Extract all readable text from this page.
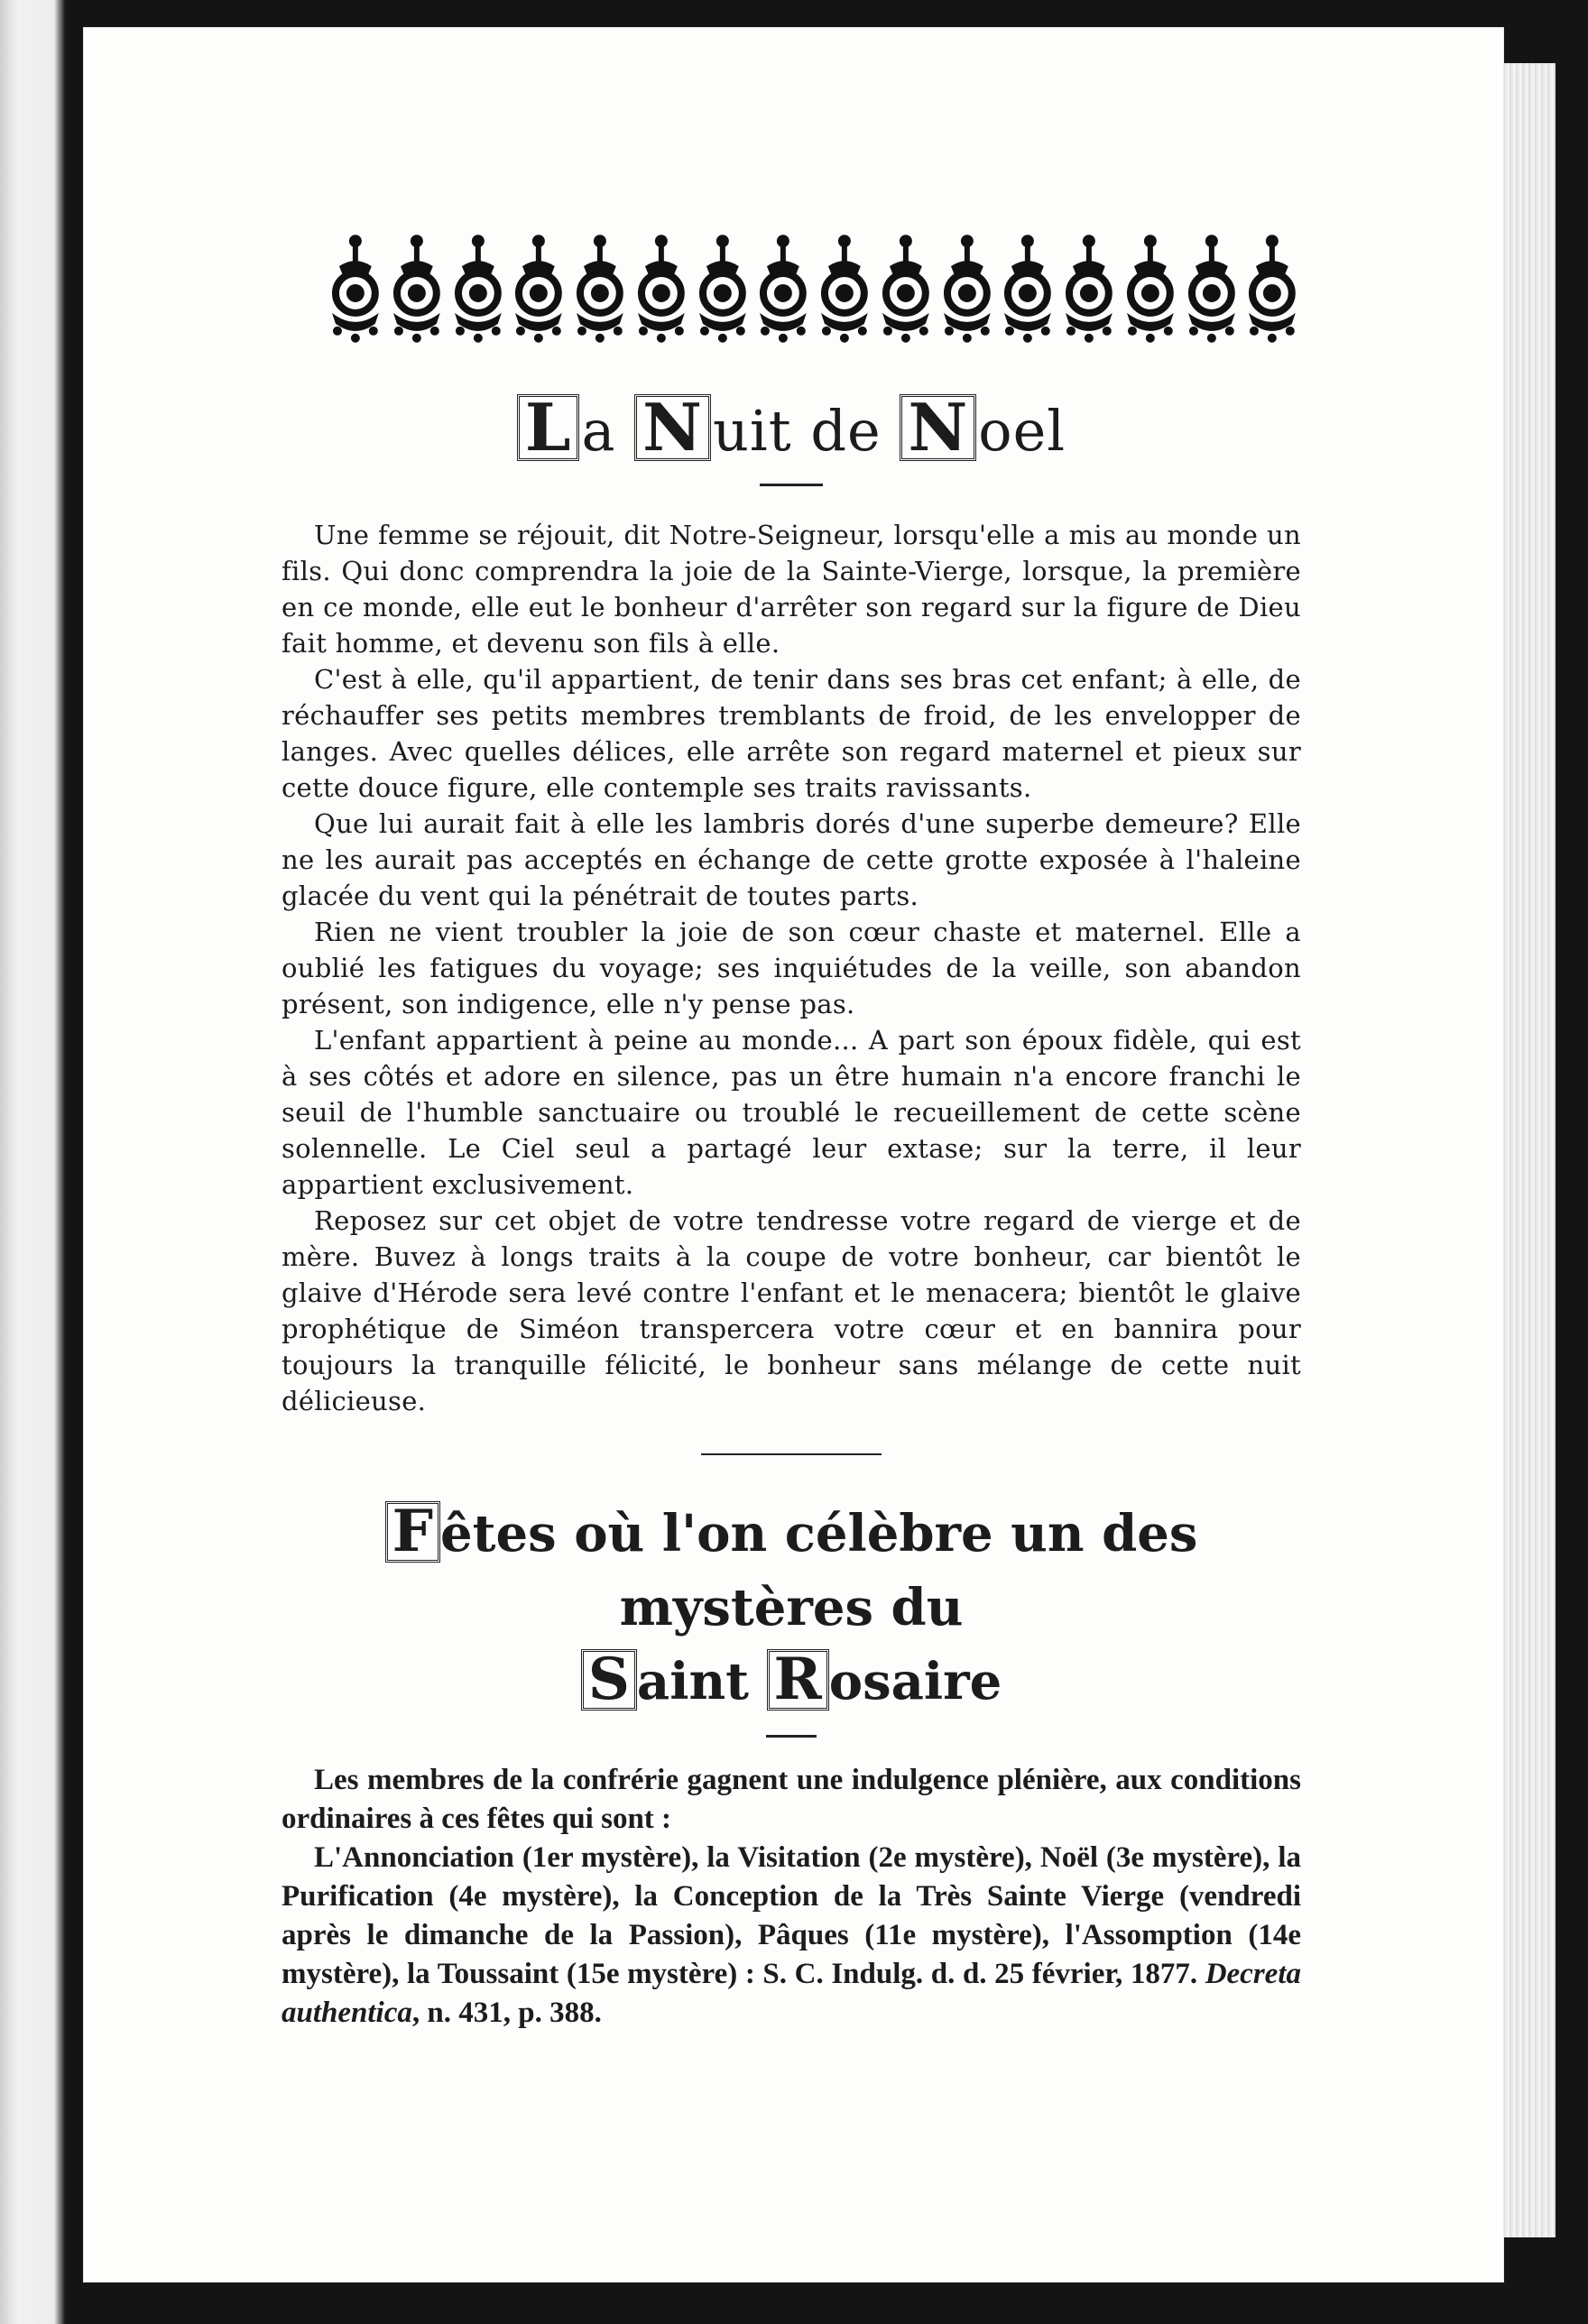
L a N uit de N oel

Une femme se réjouit, dit Notre-Seigneur, lorsqu'elle a mis au monde un fils. Qui donc comprendra la joie de la Sainte-Vierge, lorsque, la première en ce monde, elle eut le bonheur d'arrêter son regard sur la figure de Dieu fait homme, et devenu son fils à elle.

C'est à elle, qu'il appartient, de tenir dans ses bras cet enfant; à elle, de réchauffer ses petits membres tremblants de froid, de les envelopper de langes. Avec quelles délices, elle arrête son regard maternel et pieux sur cette douce figure, elle contemple ses traits ravissants.

Que lui aurait fait à elle les lambris dorés d'une superbe demeure? Elle ne les aurait pas acceptés en échange de cette grotte exposée à l'haleine glacée du vent qui la pénétrait de toutes parts.

Rien ne vient troubler la joie de son cœur chaste et maternel. Elle a oublié les fatigues du voyage; ses inquiétudes de la veille, son abandon présent, son indigence, elle n'y pense pas.

L'enfant appartient à peine au monde... A part son époux fidèle, qui est à ses côtés et adore en silence, pas un être humain n'a encore franchi le seuil de l'humble sanctuaire ou troublé le recueillement de cette scène solennelle. Le Ciel seul a partagé leur extase; sur la terre, il leur appartient exclusivement.

Reposez sur cet objet de votre tendresse votre regard de vierge et de mère. Buvez à longs traits à la coupe de votre bonheur, car bientôt le glaive d'Hérode sera levé contre l'enfant et le menacera; bientôt le glaive prophétique de Siméon transpercera votre cœur et en bannira pour toujours la tranquille félicité, le bonheur sans mélange de cette nuit délicieuse.

F êtes où l'on célèbre un des mystères du
S aint R osaire

Les membres de la confrérie gagnent une indulgence plénière, aux conditions ordinaires à ces fêtes qui sont :

L'Annonciation (1er mystère), la Visitation (2e mystère), Noël (3e mystère), la Purification (4e mystère), la Conception de la Très Sainte Vierge (vendredi après le dimanche de la Passion), Pâques (11e mystère), l'Assomption (14e mystère), la Toussaint (15e mystère) : S. C. Indulg. d. d. 25 février, 1877. Decreta authentica, n. 431, p. 388.
